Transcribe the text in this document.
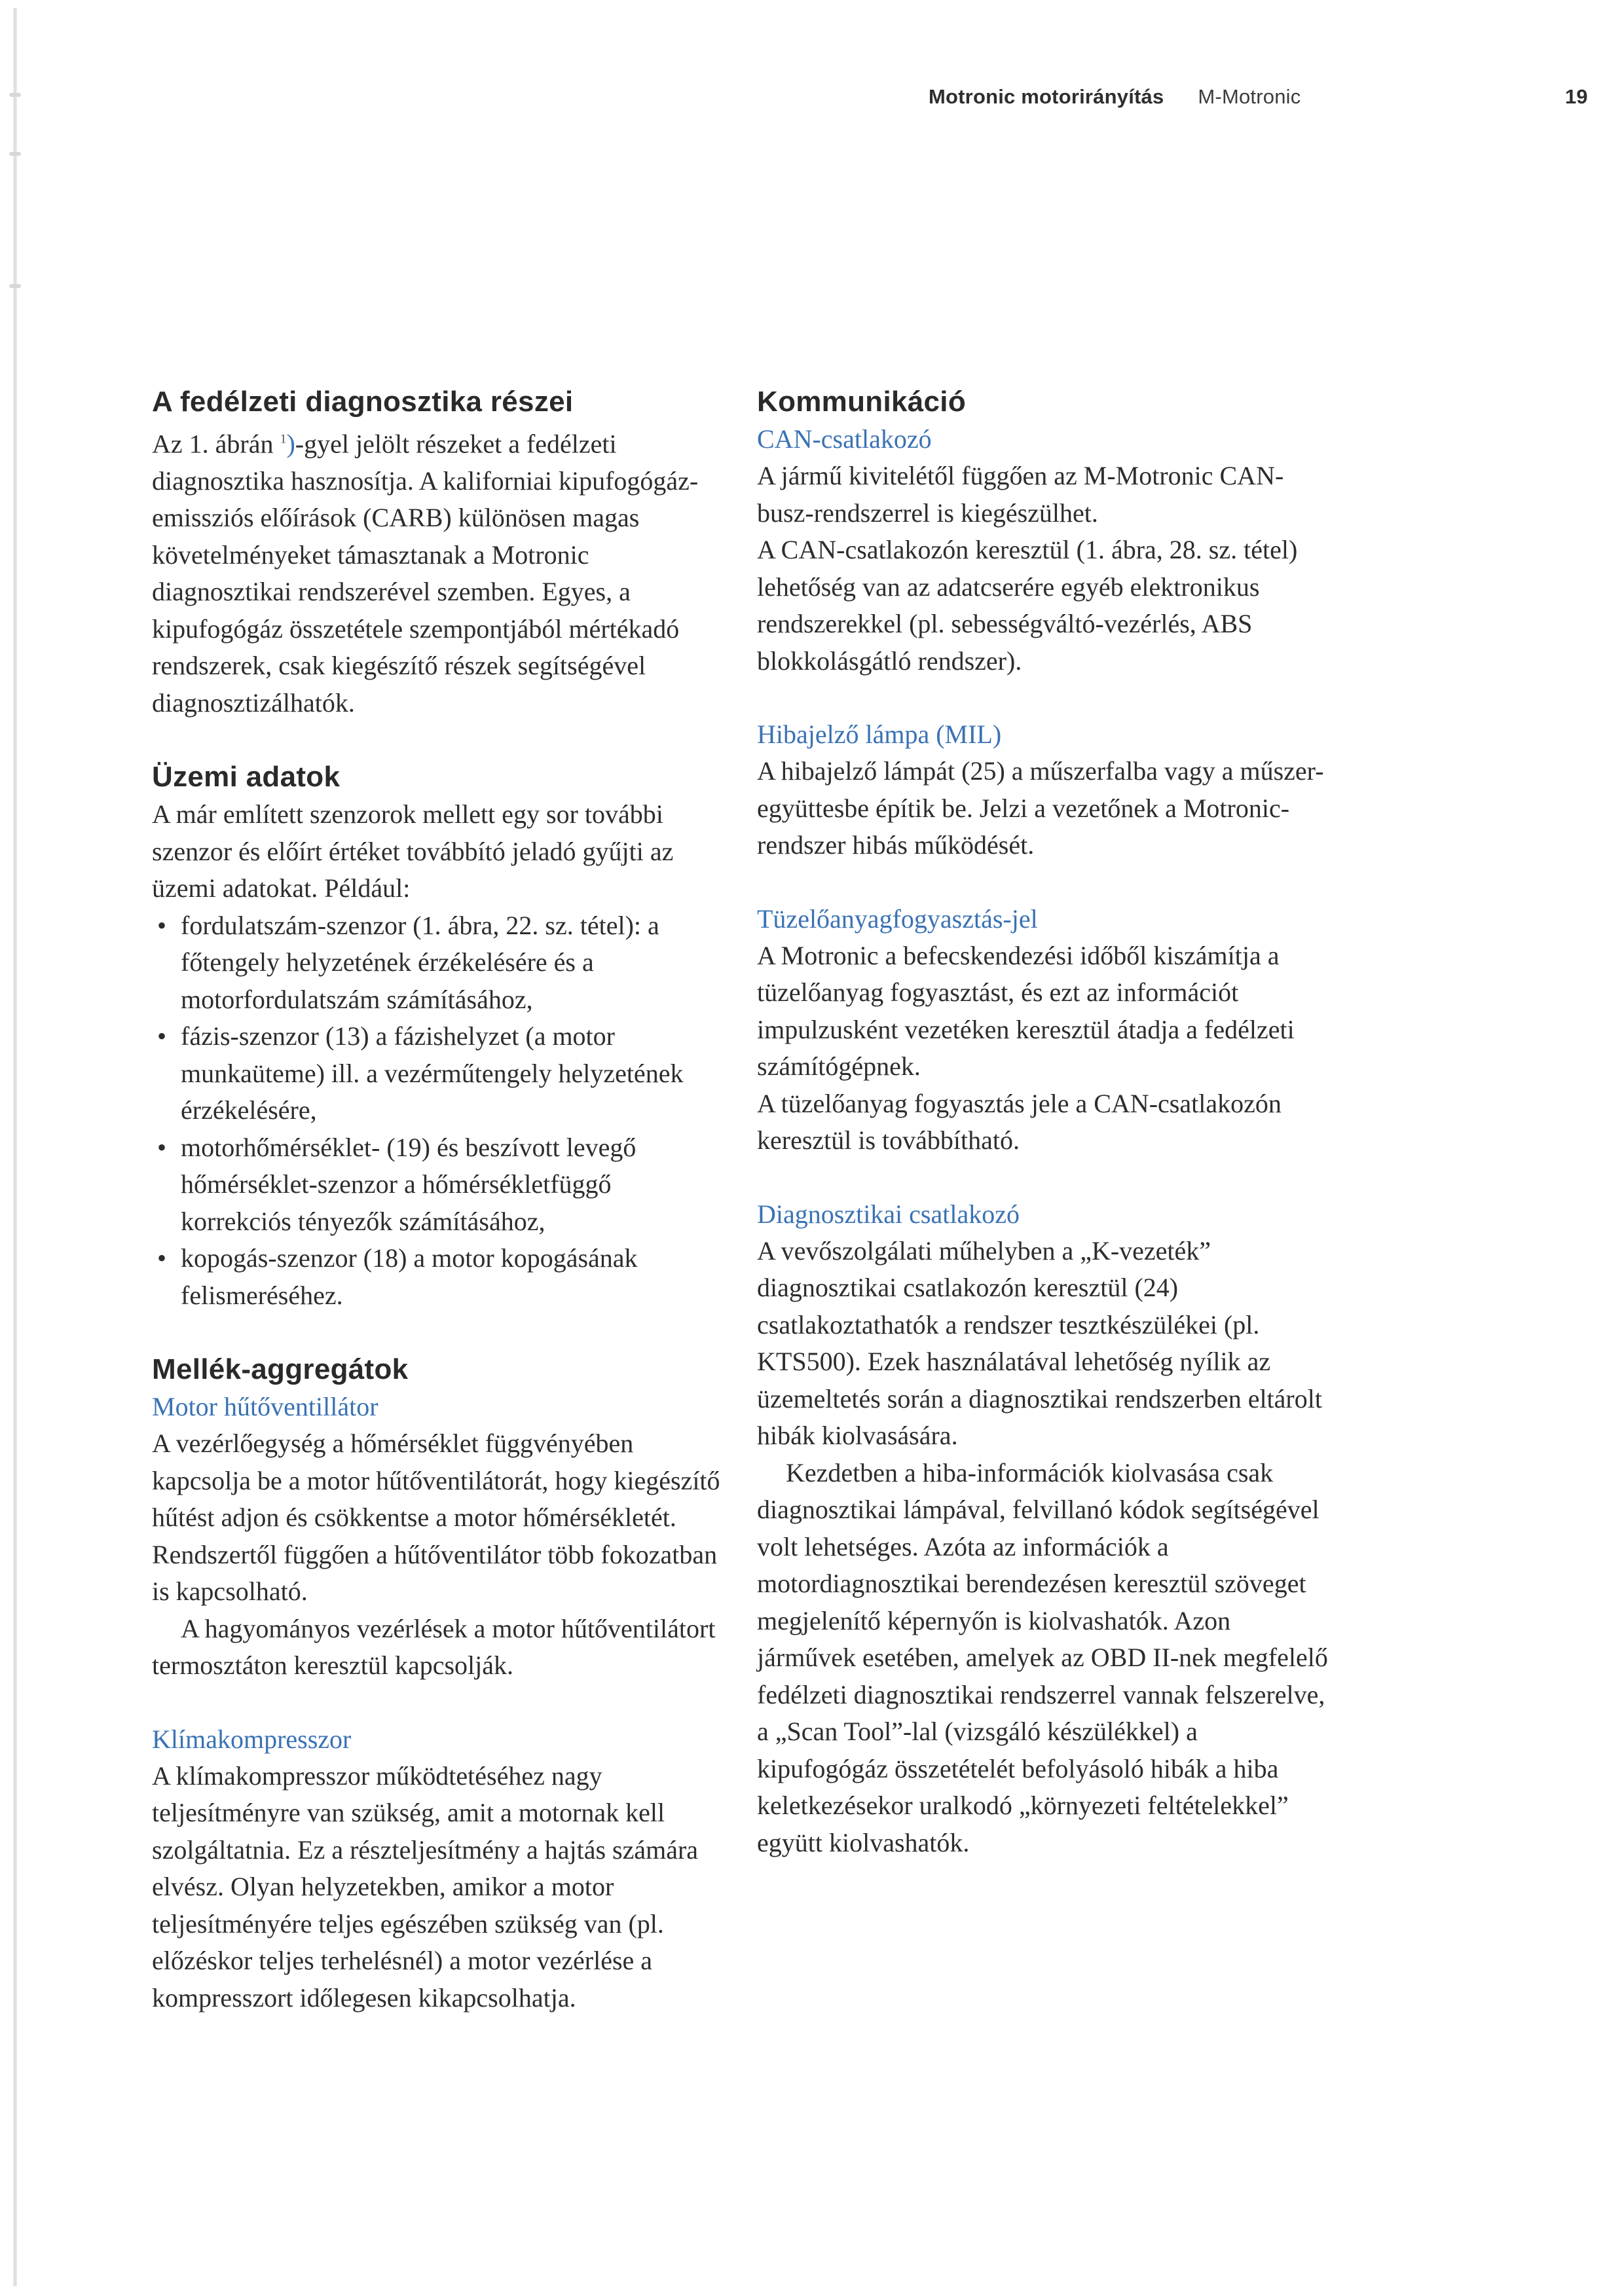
Motronic motorirányítás M-Motronic	19
A fedélzeti diagnosztika részei

Az 1. ábrán $^1$)-gyel jelölt részeket a fedélzeti diagnosztika hasznosítja. A kaliforniai kipufogógáz-emissziós előírások (CARB) különösen magas követelményeket támasztanak a Motronic diagnosztikai rendszerével szemben. Egyes, a kipufogógáz összetétele szempontjából mértékadó rendszerek, csak kiegészítő részek segítségével diagnosztizálhatók.

Üzemi adatok

A már említett szenzorok mellett egy sor további szenzor és előírt értéket továbbító jeladó gyűjti az üzemi adatokat. Például:

• fordulatszám-szenzor (1. ábra, 22. sz. tétel): a főtengely helyzetének érzékelésére és a motorfordulatszám számításához,
• fázis-szenzor (13) a fázishelyzet (a motor munkaüteme) ill. a vezérműtengely helyzetének érzékelésére,
• motorhőmérséklet- (19) és beszívott levegő hőmérséklet-szenzor a hőmérsékletfüggő korrekciós tényezők számításához,
• kopogás-szenzor (18) a motor kopogásának felismeréséhez.
Mellék-aggregátok
Motor hűtőventillátor

A vezérlőegység a hőmérséklet függvényében kapcsolja be a motor hűtőventilátorát, hogy kiegészítő hűtést adjon és csökkentse a motor hőmérsékletét. Rendszertől függően a hűtőventilátor több fokozatban is kapcsolható.

A hagyományos vezérlések a motor hűtőventilátort termosztáton keresztül kapcsolják.

Klímakompresszor

A klímakompresszor működtetéséhez nagy teljesítményre van szükség, amit a motornak kell szolgáltatnia. Ez a részteljesítmény a hajtás számára elvész. Olyan helyzetekben, amikor a motor teljesítményére teljes egészében szükség van (pl. előzéskor teljes terhelésnél) a motor vezérlése a kompresszort időlegesen kikapcsolhatja.

Kommunikáció
CAN-csatlakozó

A jármű kivitelétől függően az M-Motronic CAN-busz-rendszerrel is kiegészülhet.

A CAN-csatlakozón keresztül (1. ábra, 28. sz. tétel) lehetőség van az adatcserére egyéb elektronikus rendszerekkel (pl. sebességváltó-vezérlés, ABS blokkolásgátló rendszer).

Hibajelző lámpa (MIL)

A hibajelző lámpát (25) a műszerfalba vagy a műszer-együttesbe építik be. Jelzi a vezetőnek a Motronic-rendszer hibás működését.

Tüzelőanyagfogyasztás-jel

A Motronic a befecskendezési időből kiszámítja a tüzelőanyag fogyasztást, és ezt az információt impulzusként vezetéken keresztül átadja a fedélzeti számítógépnek.

A tüzelőanyag fogyasztás jele a CAN-csatlakozón keresztül is továbbítható.

Diagnosztikai csatlakozó

A vevőszolgálati műhelyben a „K-vezeték” diagnosztikai csatlakozón keresztül (24) csatlakoztathatók a rendszer tesztkészülékei (pl. KTS500). Ezek használatával lehetőség nyílik az üzemeltetés során a diagnosztikai rendszerben eltárolt hibák kiolvasására.

Kezdetben a hiba-információk kiolvasása csak diagnosztikai lámpával, felvillanó kódok segítségével volt lehetséges. Azóta az információk a motordiagnosztikai berendezésen keresztül szöveget megjelenítő képernyőn is kiolvashatók. Azon járművek esetében, amelyek az OBD II-nek megfelelő fedélzeti diagnosztikai rendszerrel vannak felszerelve, a „Scan Tool”-lal (vizsgáló készülékkel) a kipufogógáz összetételét befolyásoló hibák a hiba keletkezésekor uralkodó „környezeti feltételekkel” együtt kiolvashatók.
